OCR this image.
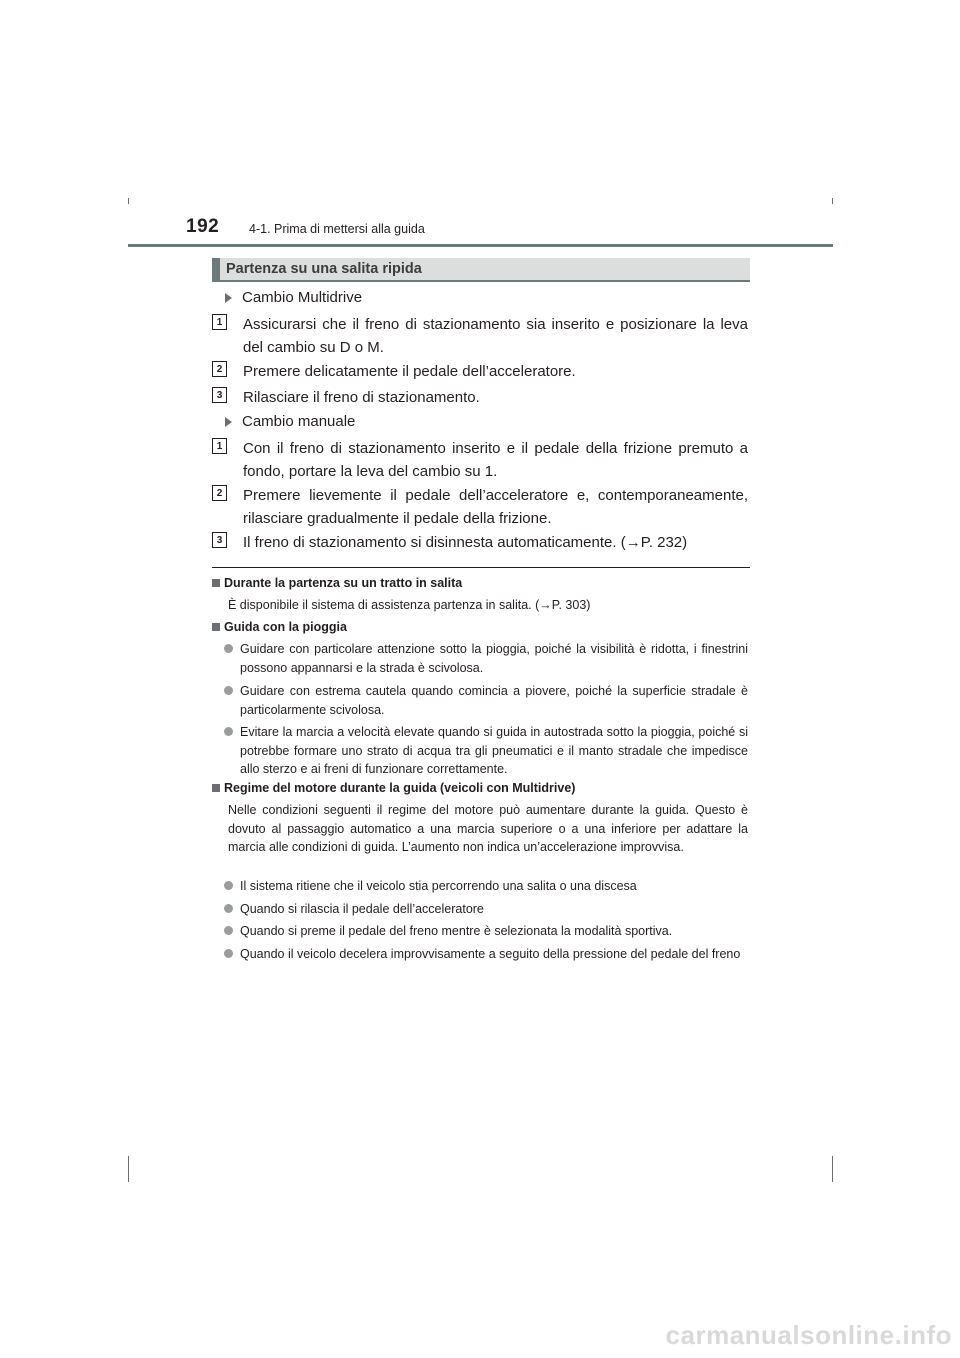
192 4-1. Prima di mettersi alla guida
Partenza su una salita ripida
Cambio Multidrive
1	Assicurarsi che il freno di stazionamento sia inserito e posizionare la leva del cambio su D o M.
2	Premere delicatamente il pedale dell’acceleratore.
3	Rilasciare il freno di stazionamento.
Cambio manuale
1	Con il freno di stazionamento inserito e il pedale della frizione premuto a fondo, portare la leva del cambio su 1.
2	Premere lievemente il pedale dell’acceleratore e, contemporaneamente, rilasciare gradualmente il pedale della frizione.
3	Il freno di stazionamento si disinnesta automaticamente. (→P. 232)
Durante la partenza su un tratto in salita
È disponibile il sistema di assistenza partenza in salita. (→P. 303)
Guida con la pioggia
Guidare con particolare attenzione sotto la pioggia, poiché la visibilità è ridotta, i finestrini possono appannarsi e la strada è scivolosa.
Guidare con estrema cautela quando comincia a piovere, poiché la superficie stradale è particolarmente scivolosa.
Evitare la marcia a velocità elevate quando si guida in autostrada sotto la pioggia, poiché si potrebbe formare uno strato di acqua tra gli pneumatici e il manto stradale che impedisce allo sterzo e ai freni di funzionare correttamente.
Regime del motore durante la guida (veicoli con Multidrive)
Nelle condizioni seguenti il regime del motore può aumentare durante la guida. Questo è dovuto al passaggio automatico a una marcia superiore o a una inferiore per adattare la marcia alle condizioni di guida. L’aumento non indica un’accelerazione improvvisa.
Il sistema ritiene che il veicolo stia percorrendo una salita o una discesa
Quando si rilascia il pedale dell’acceleratore
Quando si preme il pedale del freno mentre è selezionata la modalità sportiva.
Quando il veicolo decelera improvvisamente a seguito della pressione del pedale del freno
carmanualsonline.info
